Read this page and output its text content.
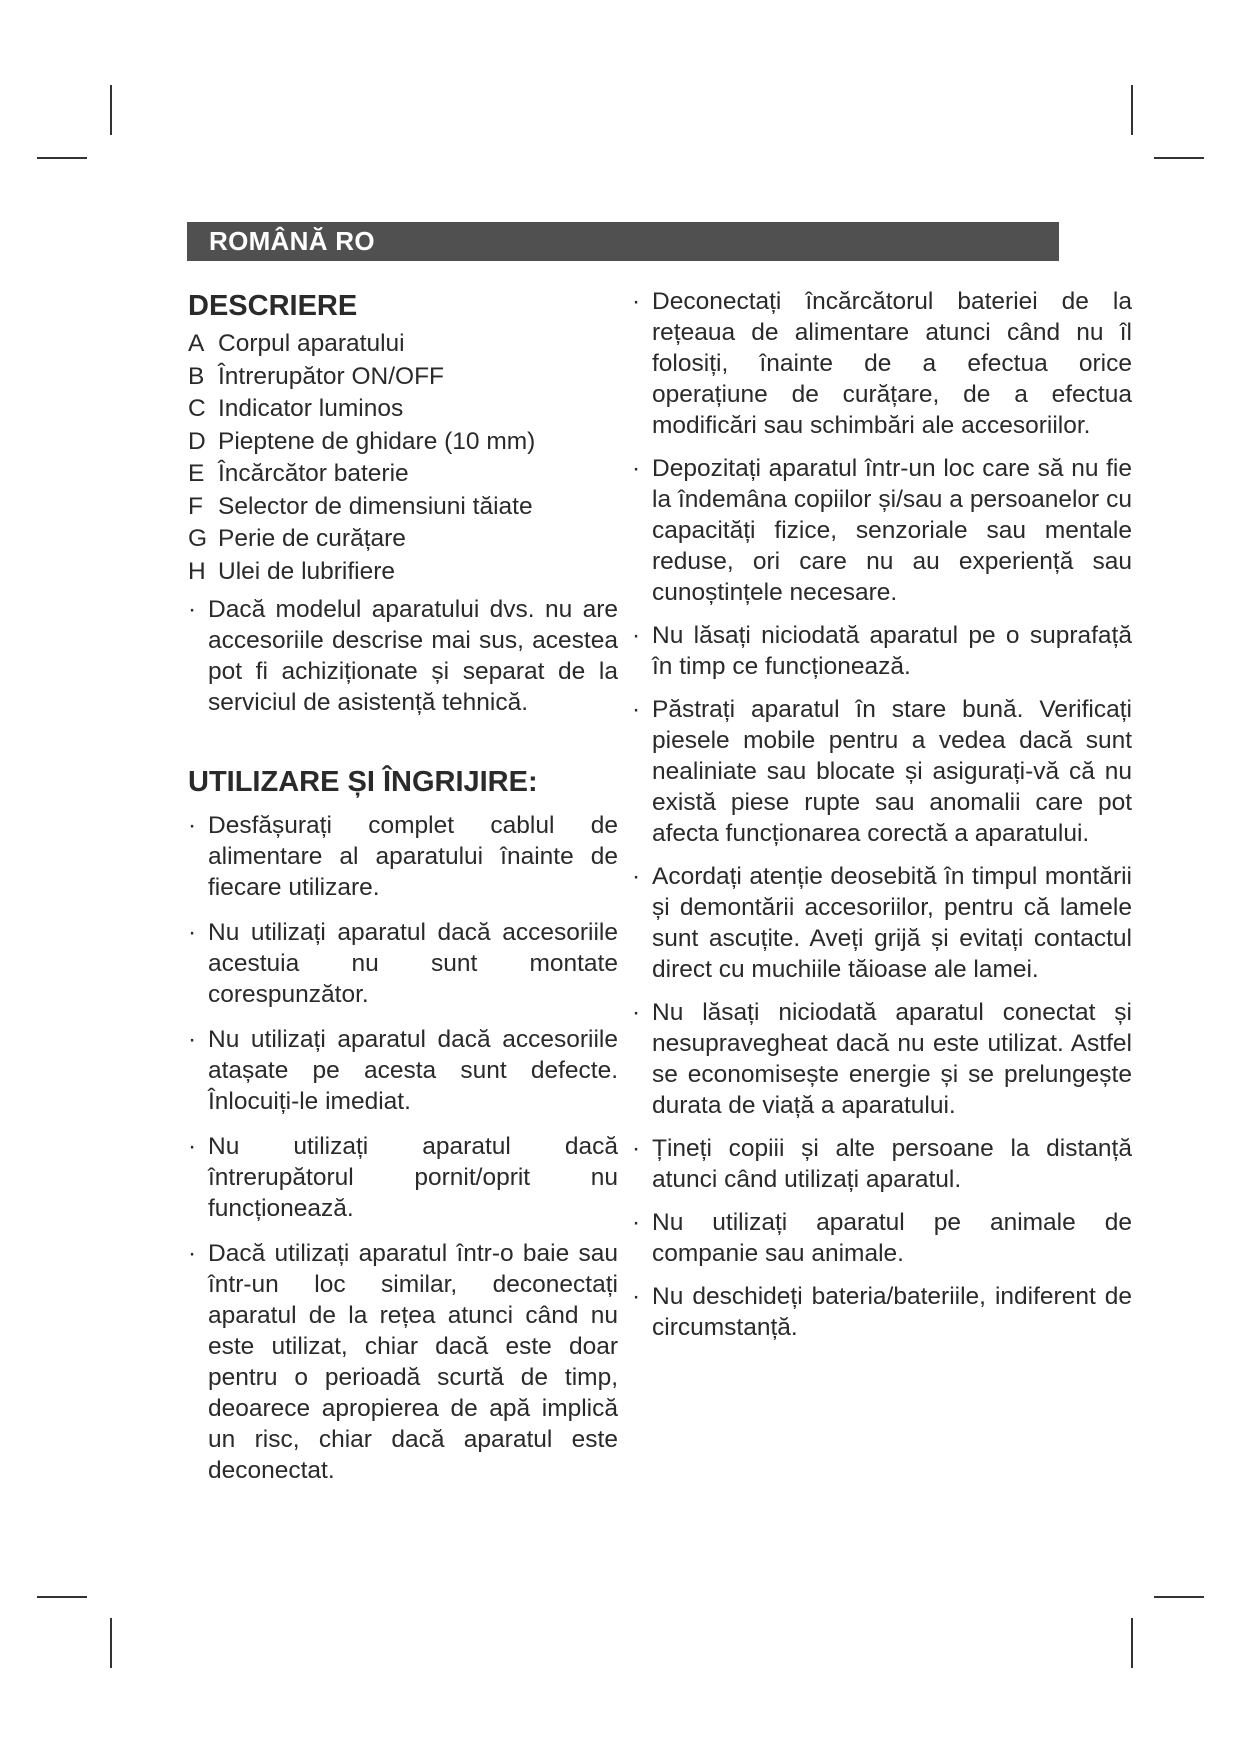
ROMÂNĂ RO
DESCRIERE
A Corpul aparatului
B Întrerupător ON/OFF
C Indicator luminos
D Pieptene de ghidare (10 mm)
E Încărcător baterie
F Selector de dimensiuni tăiate
G Perie de curățare
H Ulei de lubrifiere
· Dacă modelul aparatului dvs. nu are accesoriile descrise mai sus, acestea pot fi achiziționate și separat de la serviciul de asistență tehnică.
UTILIZARE ȘI ÎNGRIJIRE:
· Desfășurați complet cablul de alimentare al aparatului înainte de fiecare utilizare.
· Nu utilizați aparatul dacă accesoriile acestuia nu sunt montate corespunzător.
· Nu utilizați aparatul dacă accesoriile atașate pe acesta sunt defecte. Înlocuiți-le imediat.
· Nu utilizați aparatul dacă întrerupătorul pornit/oprit nu funcționează.
· Dacă utilizați aparatul într-o baie sau într-un loc similar, deconectați aparatul de la rețea atunci când nu este utilizat, chiar dacă este doar pentru o perioadă scurtă de timp, deoarece apropierea de apă implică un risc, chiar dacă aparatul este deconectat.
· Deconectați încărcătorul bateriei de la rețeaua de alimentare atunci când nu îl folosiți, înainte de a efectua orice operațiune de curățare, de a efectua modificări sau schimbări ale accesoriilor.
· Depozitați aparatul într-un loc care să nu fie la îndemâna copiilor și/sau a persoanelor cu capacități fizice, senzoriale sau mentale reduse, ori care nu au experiență sau cunoștințele necesare.
· Nu lăsați niciodată aparatul pe o suprafață în timp ce funcționează.
· Păstrați aparatul în stare bună. Verificați piesele mobile pentru a vedea dacă sunt nealiniate sau blocate și asigurați-vă că nu există piese rupte sau anomalii care pot afecta funcționarea corectă a aparatului.
· Acordați atenție deosebită în timpul montării și demontării accesoriilor, pentru că lamele sunt ascuțite. Aveți grijă și evitați contactul direct cu muchiile tăioase ale lamei.
· Nu lăsați niciodată aparatul conectat și nesupravegheat dacă nu este utilizat. Astfel se economisește energie și se prelungește durata de viață a aparatului.
· Țineți copiii și alte persoane la distanță atunci când utilizați aparatul.
· Nu utilizați aparatul pe animale de companie sau animale.
· Nu deschideți bateria/bateriile, indiferent de circumstanță.
